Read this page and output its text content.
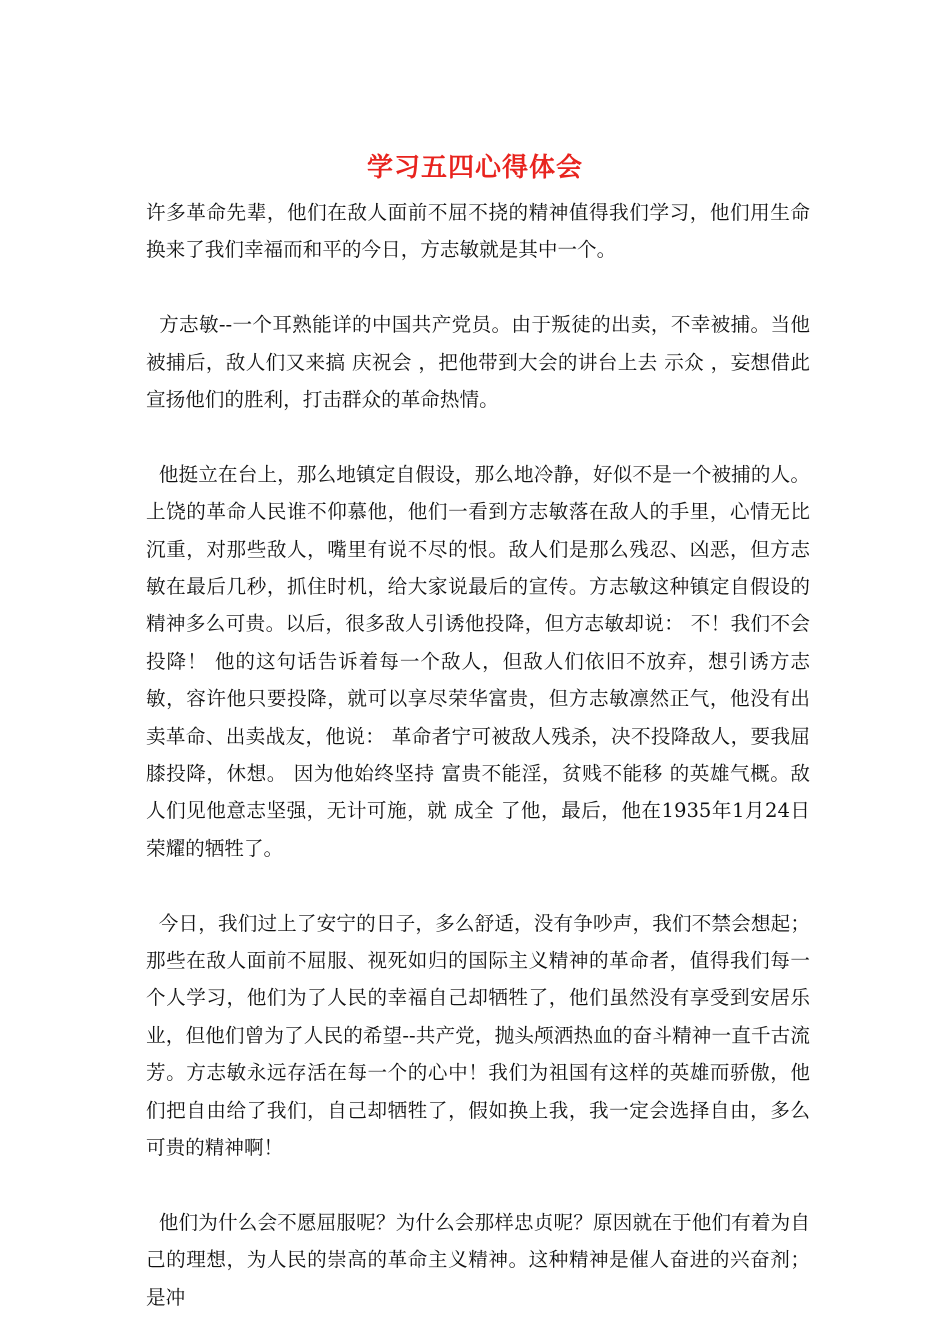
学习五四心得体会

许多革命先辈，他们在敌人面前不屈不挠的精神值得我们学习，他们用生命换来了我们幸福而和平的今日，方志敏就是其中一个。

方志敏--一个耳熟能详的中国共产党员。由于叛徒的出卖，不幸被捕。当他被捕后，敌人们又来搞 庆祝会 ，把他带到大会的讲台上去 示众 ，妄想借此宣扬他们的胜利，打击群众的革命热情。

他挺立在台上，那么地镇定自假设，那么地冷静，好似不是一个被捕的人。上饶的革命人民谁不仰慕他，他们一看到方志敏落在敌人的手里，心情无比沉重，对那些敌人，嘴里有说不尽的恨。敌人们是那么残忍、凶恶，但方志敏在最后几秒，抓住时机，给大家说最后的宣传。方志敏这种镇定自假设的精神多么可贵。以后，很多敌人引诱他投降，但方志敏却说： 不！我们不会投降！ 他的这句话告诉着每一个敌人，但敌人们依旧不放弃，想引诱方志敏，容许他只要投降，就可以享尽荣华富贵，但方志敏凛然正气，他没有出卖革命、出卖战友，他说： 革命者宁可被敌人残杀，决不投降敌人，要我屈膝投降，休想。 因为他始终坚持 富贵不能淫，贫贱不能移 的英雄气概。敌人们见他意志坚强，无计可施，就 成全 了他，最后，他在1935年1月24日荣耀的牺牲了。

今日，我们过上了安宁的日子，多么舒适，没有争吵声，我们不禁会想起；那些在敌人面前不屈服、视死如归的国际主义精神的革命者，值得我们每一个人学习，他们为了人民的幸福自己却牺牲了，他们虽然没有享受到安居乐业，但他们曾为了人民的希望--共产党，抛头颅洒热血的奋斗精神一直千古流芳。方志敏永远存活在每一个的心中！我们为祖国有这样的英雄而骄傲，他们把自由给了我们，自己却牺牲了，假如换上我，我一定会选择自由，多么可贵的精神啊！

他们为什么会不愿屈服呢？为什么会那样忠贞呢？原因就在于他们有着为自己的理想，为人民的崇高的革命主义精神。这种精神是催人奋进的兴奋剂；是冲
